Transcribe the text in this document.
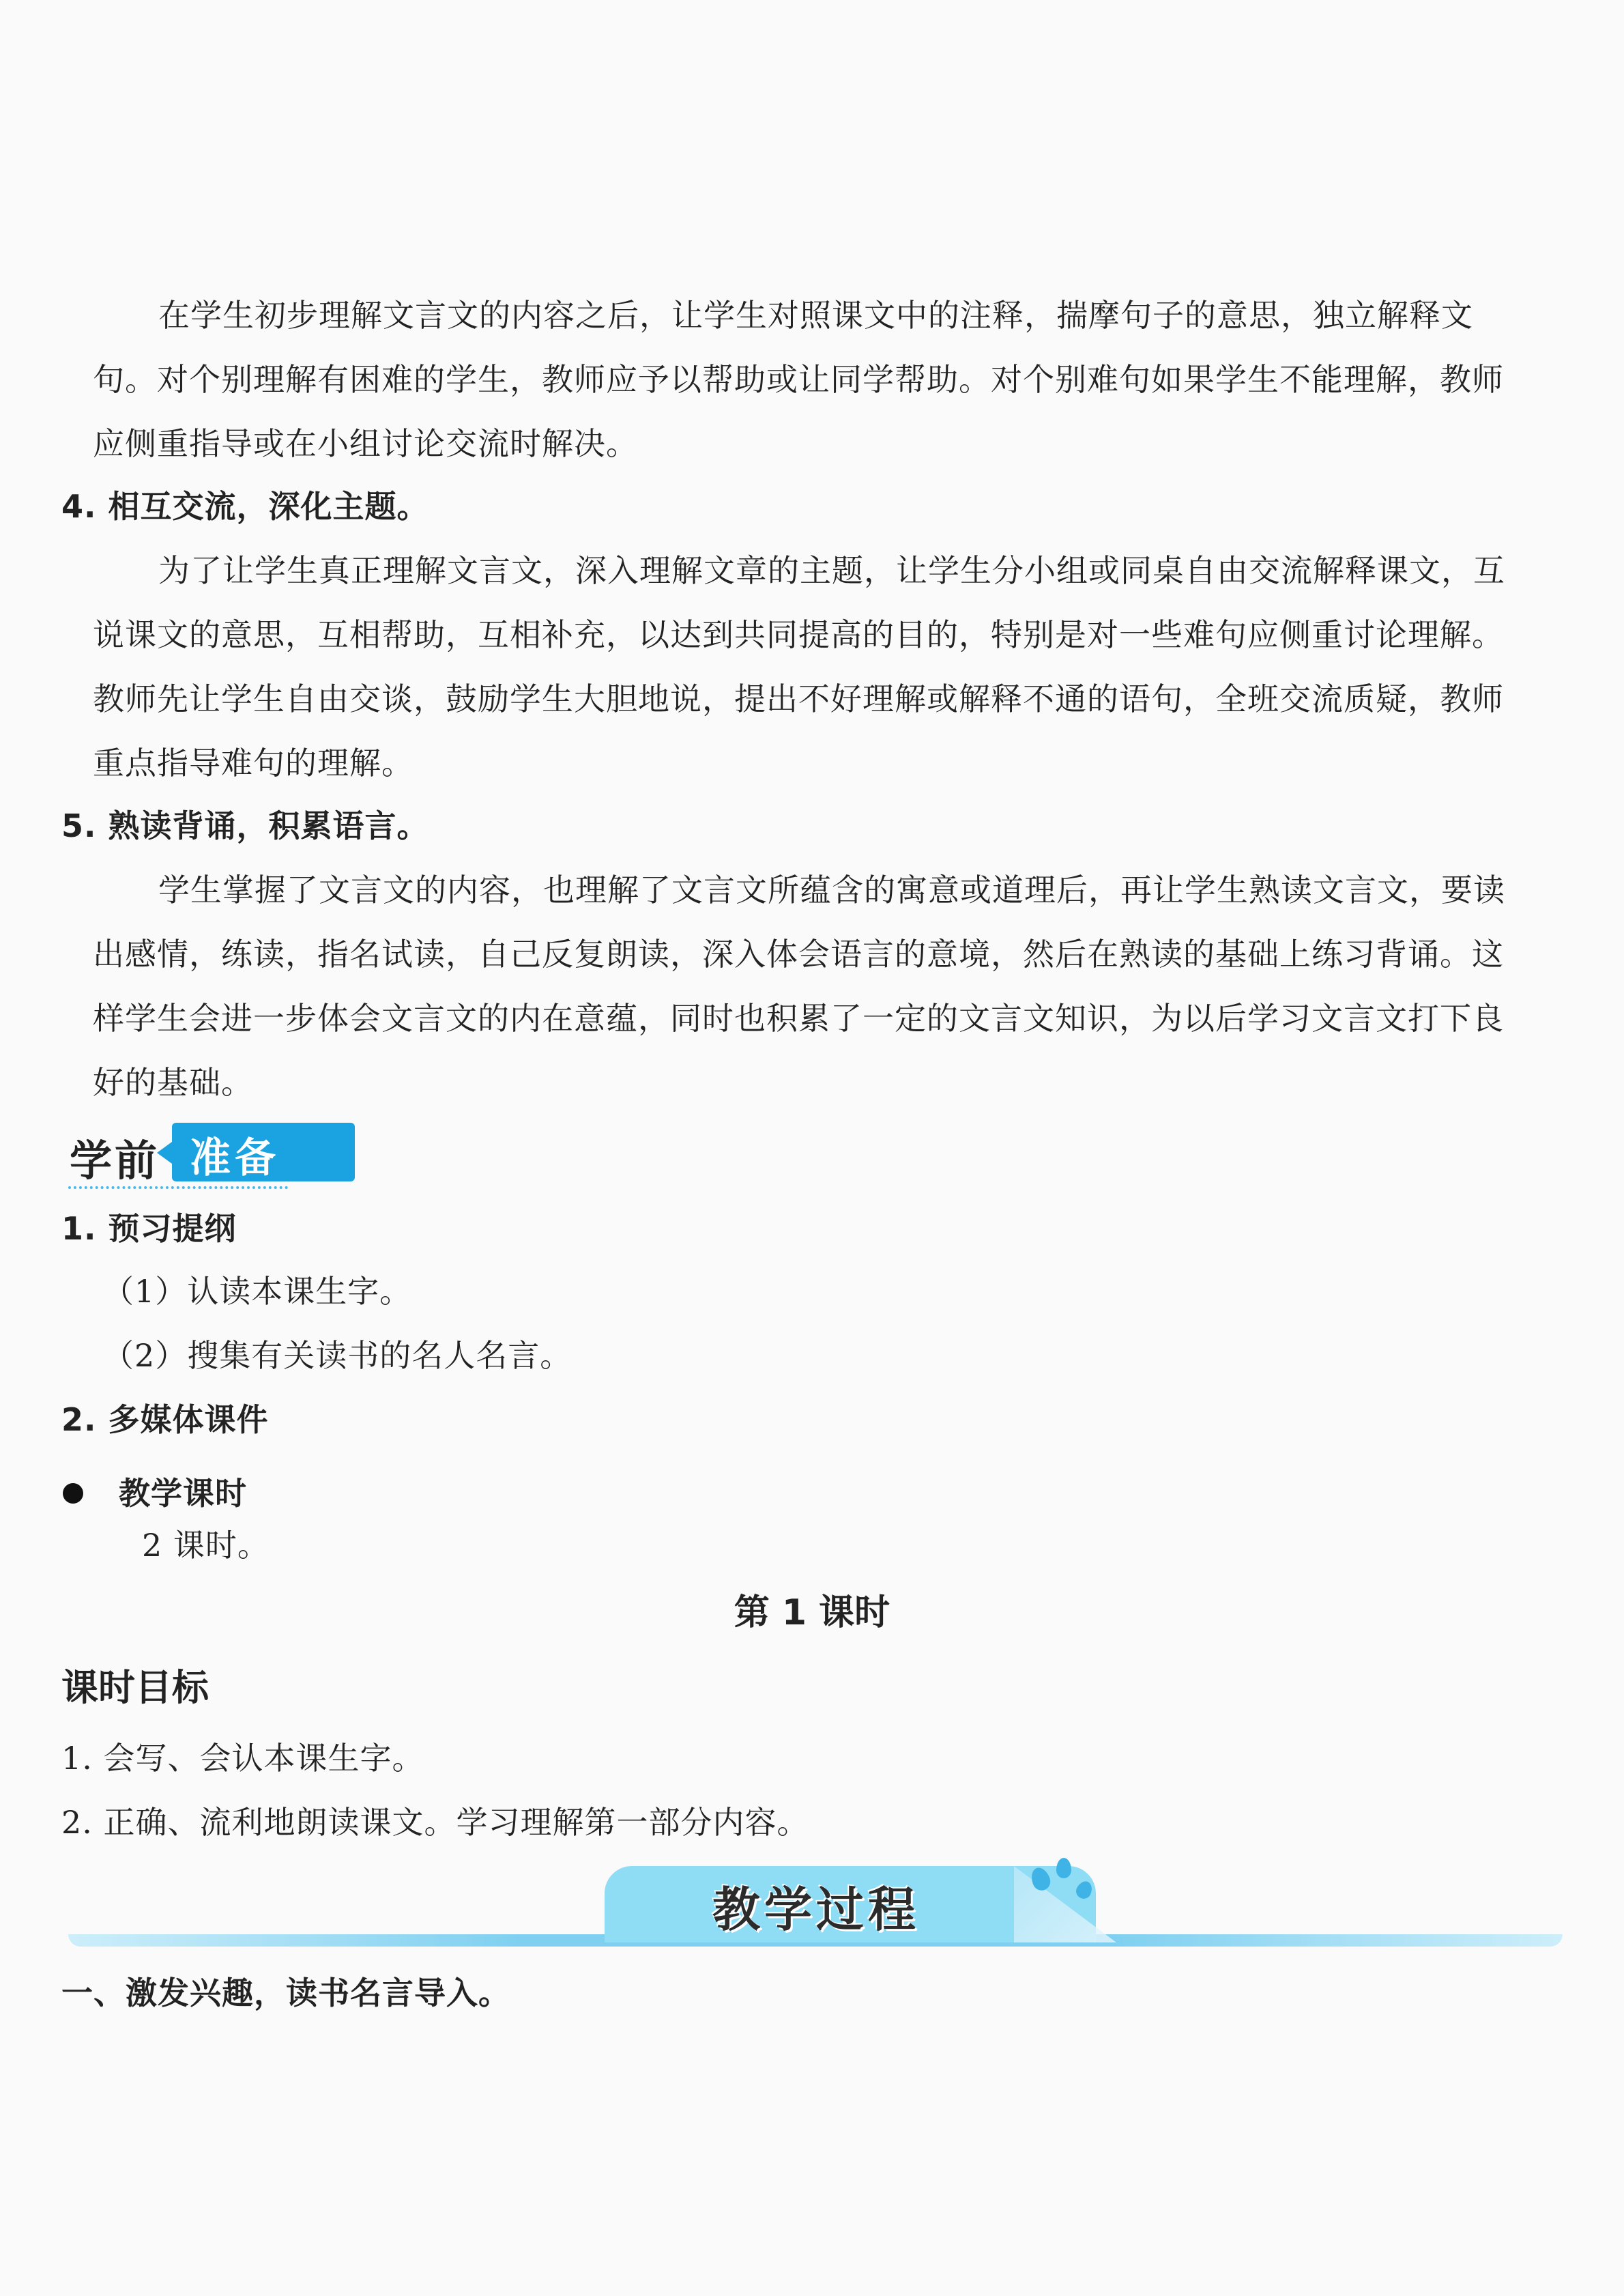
在学生初步理解文言文的内容之后，让学生对照课文中的注释，揣摩句子的意思，独立解释文
句。对个别理解有困难的学生，教师应予以帮助或让同学帮助。对个别难句如果学生不能理解，教师
应侧重指导或在小组讨论交流时解决。
4. 相互交流，深化主题。
为了让学生真正理解文言文，深入理解文章的主题，让学生分小组或同桌自由交流解释课文，互
说课文的意思，互相帮助，互相补充，以达到共同提高的目的，特别是对一些难句应侧重讨论理解。
教师先让学生自由交谈，鼓励学生大胆地说，提出不好理解或解释不通的语句，全班交流质疑，教师
重点指导难句的理解。
5. 熟读背诵，积累语言。
学生掌握了文言文的内容，也理解了文言文所蕴含的寓意或道理后，再让学生熟读文言文，要读
出感情，练读，指名试读，自己反复朗读，深入体会语言的意境，然后在熟读的基础上练习背诵。这
样学生会进一步体会文言文的内在意蕴，同时也积累了一定的文言文知识，为以后学习文言文打下良
好的基础。
学前 准备
1. 预习提纲
（1）认读本课生字。
（2）搜集有关读书的名人名言。
2. 多媒体课件
教学课时
2 课时。
第 1 课时
课时目标
1. 会写、会认本课生字。
2. 正确、流利地朗读课文。学习理解第一部分内容。
教学过程
一、激发兴趣，读书名言导入。
